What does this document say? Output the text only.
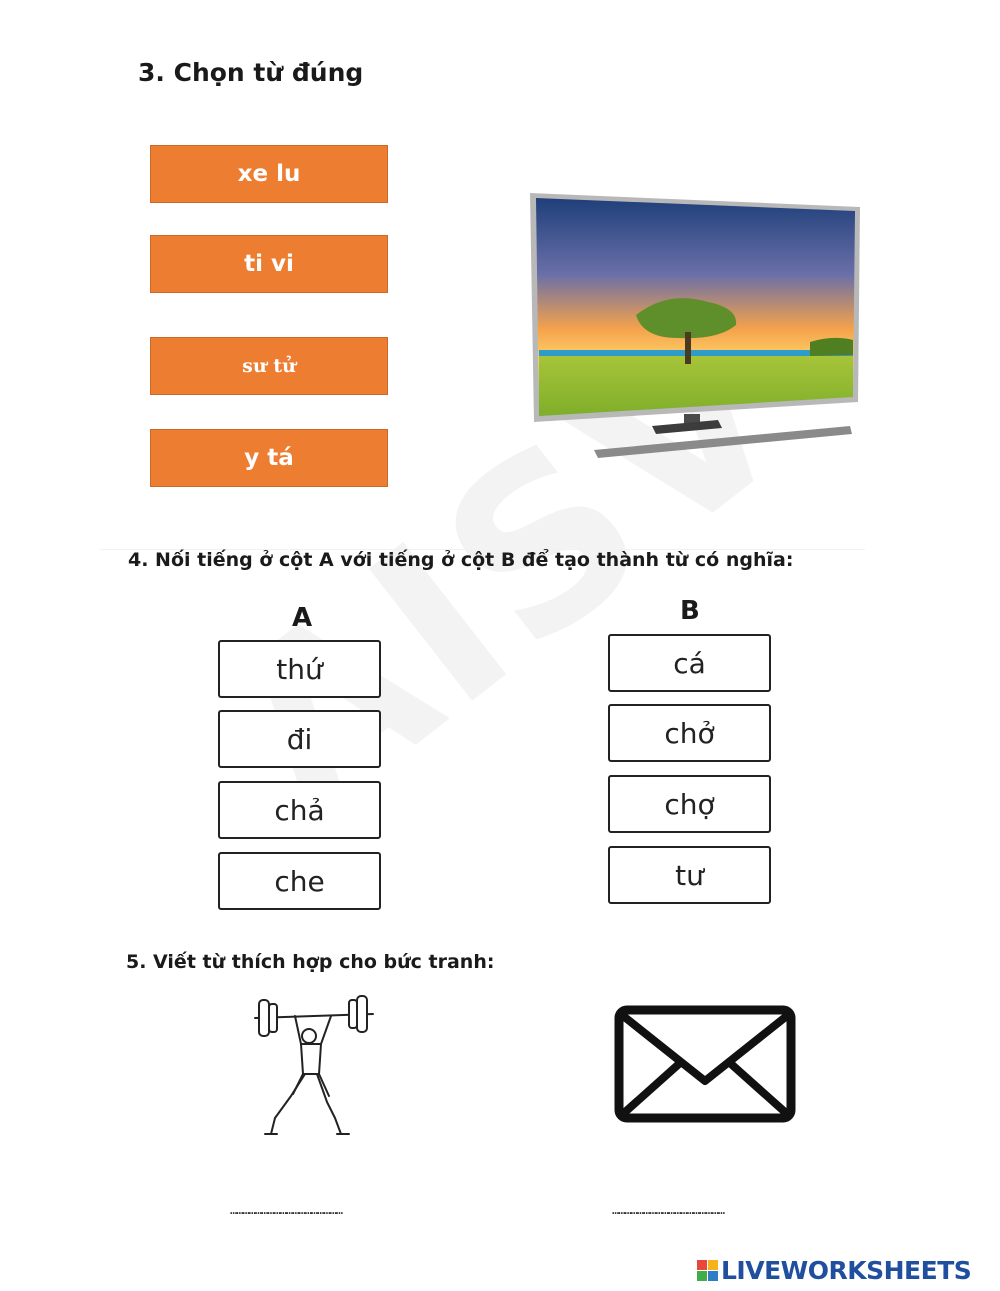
3. Chọn từ đúng
xe lu
ti vi
sư tử
y tá
4. Nối tiếng ở cột A với tiếng ở cột B để tạo thành từ có nghĩa:
A	B
thứ
đi
chả
che
cá
chở
chợ
tư
5. Viết từ thích hợp cho bức tranh:
………………………………………………	………………………………………………
LIVEWORKSHEETS
